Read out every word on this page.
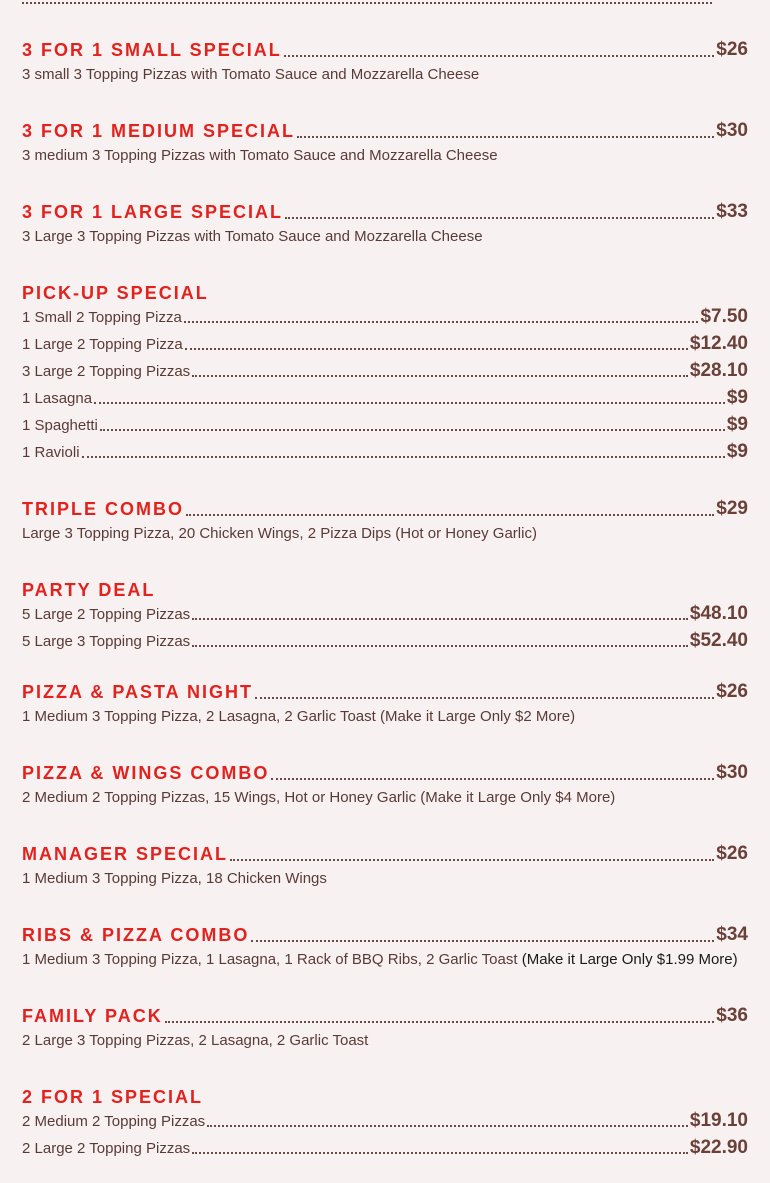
3 FOR 1 SMALL SPECIAL	$26
3 small 3 Topping Pizzas with Tomato Sauce and Mozzarella Cheese
3 FOR 1 MEDIUM SPECIAL	$30
3 medium 3 Topping Pizzas with Tomato Sauce and Mozzarella Cheese
3 FOR 1 LARGE SPECIAL	$33
3 Large 3 Topping Pizzas with Tomato Sauce and Mozzarella Cheese
PICK-UP SPECIAL
1 Small 2 Topping Pizza	$7.50
1 Large 2 Topping Pizza	$12.40
3 Large 2 Topping Pizzas	$28.10
1 Lasagna	$9
1 Spaghetti	$9
1 Ravioli	$9
TRIPLE COMBO	$29
Large 3 Topping Pizza, 20 Chicken Wings, 2 Pizza Dips (Hot or Honey Garlic)
PARTY DEAL
5 Large 2 Topping Pizzas	$48.10
5 Large 3 Topping Pizzas	$52.40
PIZZA & PASTA NIGHT	$26
1 Medium 3 Topping Pizza, 2 Lasagna, 2 Garlic Toast (Make it Large Only $2 More)
PIZZA & WINGS COMBO	$30
2 Medium 2 Topping Pizzas, 15 Wings, Hot or Honey Garlic (Make it Large Only $4 More)
MANAGER SPECIAL	$26
1 Medium 3 Topping Pizza, 18 Chicken Wings
RIBS & PIZZA COMBO	$34
1 Medium 3 Topping Pizza, 1 Lasagna, 1 Rack of BBQ Ribs, 2 Garlic Toast (Make it Large Only $1.99 More)
FAMILY PACK	$36
2 Large 3 Topping Pizzas, 2 Lasagna, 2 Garlic Toast
2 FOR 1 SPECIAL
2 Medium 2 Topping Pizzas	$19.10
2 Large 2 Topping Pizzas	$22.90
